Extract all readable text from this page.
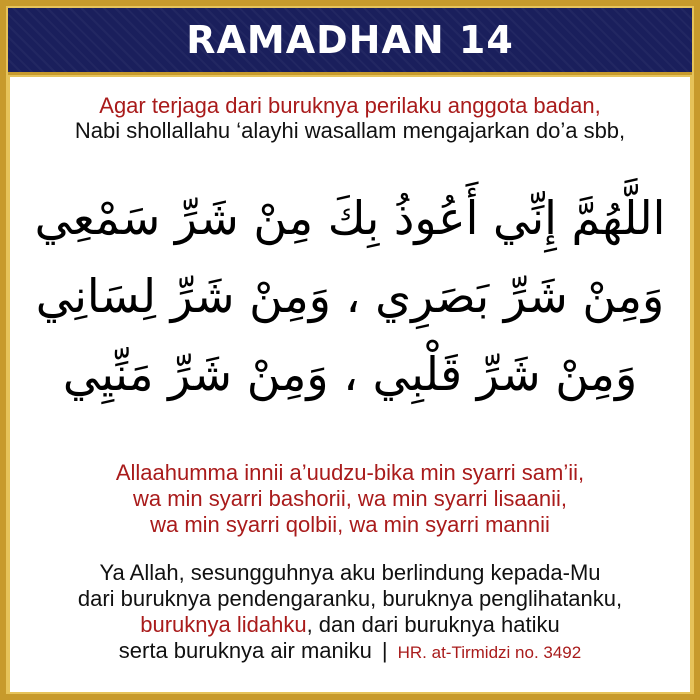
RAMADHAN 14
Agar terjaga dari buruknya perilaku anggota badan,
Nabi shollallahu ‘alayhi wasallam mengajarkan do’a sbb,
اللَّهُمَّ إِنِّي أَعُوذُ بِكَ مِنْ شَرِّ سَمْعِي
وَمِنْ شَرِّ بَصَرِي ، وَمِنْ شَرِّ لِسَانِي
وَمِنْ شَرِّ قَلْبِي ، وَمِنْ شَرِّ مَنِّيِي
Allaahumma innii a’uudzu-bika min syarri sam’ii,
wa min syarri bashorii, wa min syarri lisaanii,
wa min syarri qolbii, wa min syarri mannii
Ya Allah, sesungguhnya aku berlindung kepada-Mu
dari buruknya pendengaranku, buruknya penglihatanku,
buruknya lidahku, dan dari buruknya hatiku
serta buruknya air maniku | HR. at-Tirmidzi no. 3492
